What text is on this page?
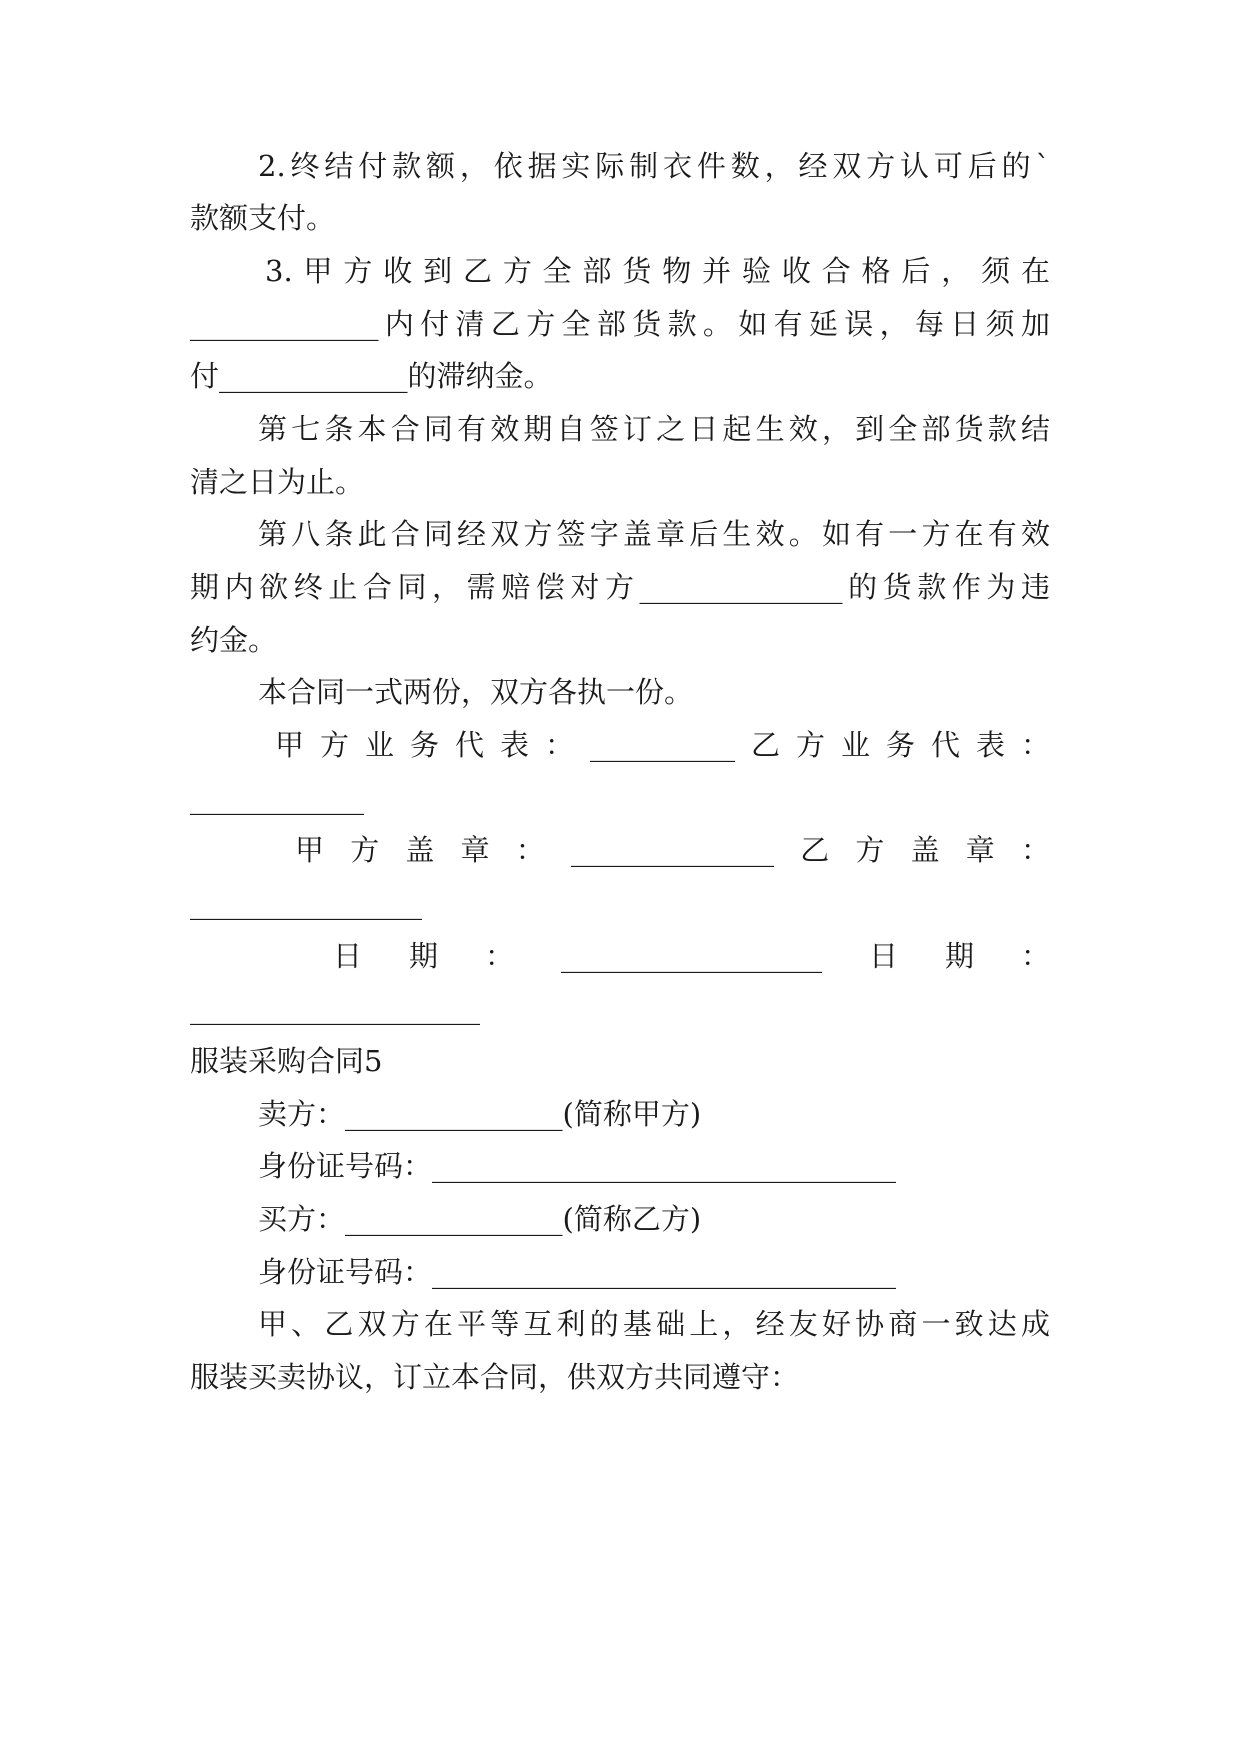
2.终结付款额，依据实际制衣件数，经双方认可后的`
款额支付。
3.甲方收到乙方全部货物并验收合格后，须在
_____________内付清乙方全部货款。如有延误，每日须加
付_____________的滞纳金。
第七条本合同有效期自签订之日起生效，到全部货款结
清之日为止。
第八条此合同经双方签字盖章后生效。如有一方在有效
期内欲终止合同，需赔偿对方______________的货款作为违
约金。
本合同一式两份，双方各执一份。
甲方业务代表：__________乙方业务代表：
____________
甲方盖章：______________乙方盖章：
________________
日期：__________________日期：
____________________
服装采购合同5
卖方：_______________(简称甲方)
身份证号码：________________________________
买方：_______________(简称乙方)
身份证号码：________________________________
甲、乙双方在平等互利的基础上，经友好协商一致达成
服装买卖协议，订立本合同，供双方共同遵守：
